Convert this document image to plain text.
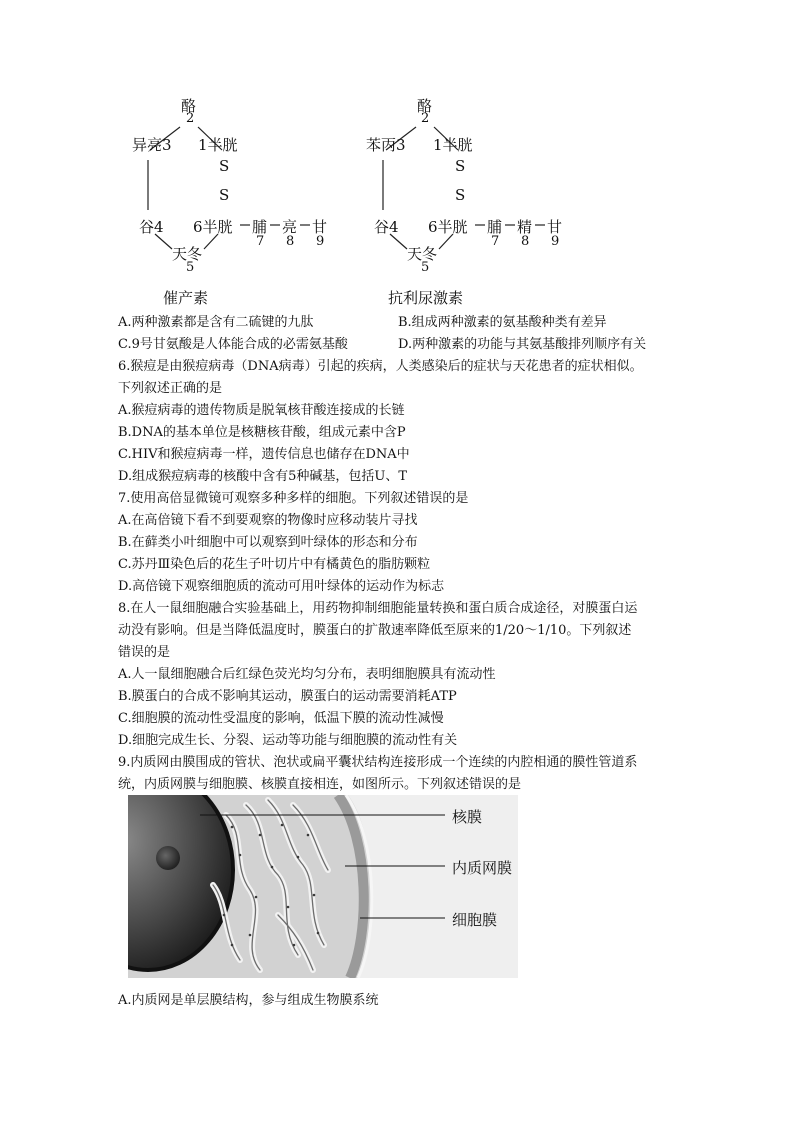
酪
2
异亮3 1半胱
S
S
谷4 6半胱 脯 亮 甘
7 8 9
天冬
5
催产素
酪
2
苯丙3 1半胱
S
S
谷4 6半胱 脯 精 甘
7 8 9
天冬
5
抗利尿激素
A.两种激素都是含有二硫键的九肽	B.组成两种激素的氨基酸种类有差异
C.9号甘氨酸是人体能合成的必需氨基酸	D.两种激素的功能与其氨基酸排列顺序有关
6.猴痘是由猴痘病毒（DNA病毒）引起的疾病，人类感染后的症状与天花患者的症状相似。
下列叙述正确的是
A.猴痘病毒的遗传物质是脱氧核苷酸连接成的长链
B.DNA的基本单位是核糖核苷酸，组成元素中含P
C.HIV和猴痘病毒一样，遗传信息也储存在DNA中
D.组成猴痘病毒的核酸中含有5种碱基，包括U、T
7.使用高倍显微镜可观察多种多样的细胞。下列叙述错误的是
A.在高倍镜下看不到要观察的物像时应移动装片寻找
B.在藓类小叶细胞中可以观察到叶绿体的形态和分布
C.苏丹Ⅲ染色后的花生子叶切片中有橘黄色的脂肪颗粒
D.高倍镜下观察细胞质的流动可用叶绿体的运动作为标志
8.在人一鼠细胞融合实验基础上，用药物抑制细胞能量转换和蛋白质合成途径，对膜蛋白运
动没有影响。但是当降低温度时，膜蛋白的扩散速率降低至原来的1/20～1/10。下列叙述
错误的是
A.人一鼠细胞融合后红绿色荧光均匀分布，表明细胞膜具有流动性
B.膜蛋白的合成不影响其运动，膜蛋白的运动需要消耗ATP
C.细胞膜的流动性受温度的影响，低温下膜的流动性减慢
D.细胞完成生长、分裂、运动等功能与细胞膜的流动性有关
9.内质网由膜围成的管状、泡状或扁平囊状结构连接形成一个连续的内腔相通的膜性管道系
统，内质网膜与细胞膜、核膜直接相连，如图所示。下列叙述错误的是
核膜
内质网膜
细胞膜
A.内质网是单层膜结构，参与组成生物膜系统
